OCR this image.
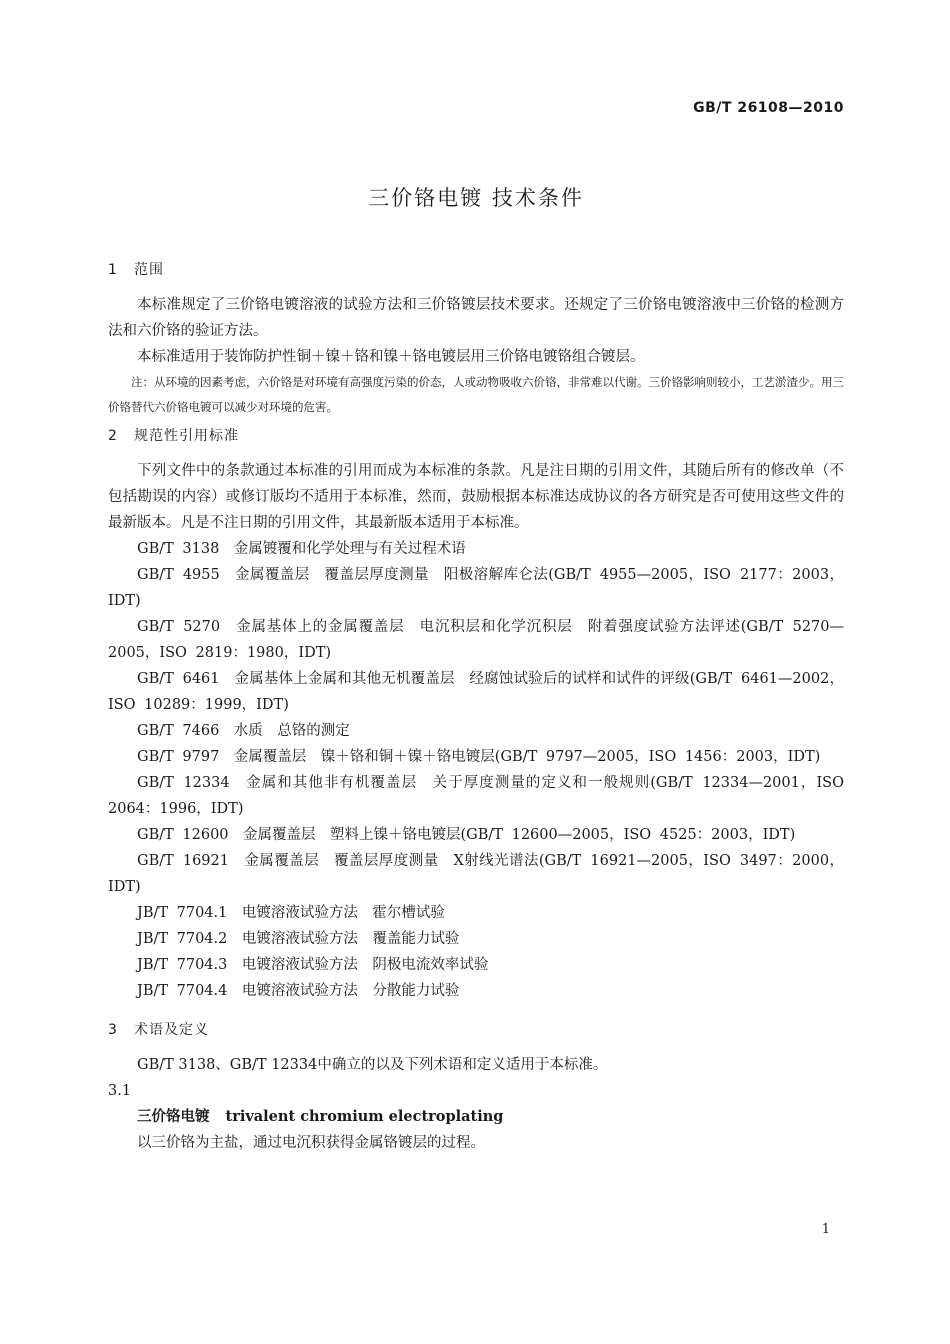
GB/T 26108—2010
三价铬电镀 技术条件
1 范围

本标准规定了三价铬电镀溶液的试验方法和三价铬镀层技术要求。还规定了三价铬电镀溶液中三价铬的检测方法和六价铬的验证方法。

本标准适用于装饰防护性铜＋镍＋铬和镍＋铬电镀层用三价铬电镀铬组合镀层。

注：从环境的因素考虑，六价铬是对环境有高强度污染的价态，人或动物吸收六价铬，非常难以代谢。三价铬影响则较小，工艺淤渣少。用三价铬替代六价铬电镀可以减少对环境的危害。

2 规范性引用标准

下列文件中的条款通过本标准的引用而成为本标准的条款。凡是注日期的引用文件，其随后所有的修改单（不包括勘误的内容）或修订版均不适用于本标准，然而，鼓励根据本标准达成协议的各方研究是否可使用这些文件的最新版本。凡是不注日期的引用文件，其最新版本适用于本标准。

GB/T 3138　金属镀覆和化学处理与有关过程术语

GB/T 4955　金属覆盖层　覆盖层厚度测量　阳极溶解库仑法(GB/T 4955—2005，ISO 2177：2003，IDT)

GB/T 5270　金属基体上的金属覆盖层　电沉积层和化学沉积层　附着强度试验方法评述(GB/T 5270—2005，ISO 2819：1980，IDT)

GB/T 6461　金属基体上金属和其他无机覆盖层　经腐蚀试验后的试样和试件的评级(GB/T 6461—2002，ISO 10289：1999，IDT)

GB/T 7466　水质　总铬的测定

GB/T 9797　金属覆盖层　镍＋铬和铜＋镍＋铬电镀层(GB/T 9797—2005，ISO 1456：2003，IDT)

GB/T 12334　金属和其他非有机覆盖层　关于厚度测量的定义和一般规则(GB/T 12334—2001，ISO 2064：1996，IDT)

GB/T 12600　金属覆盖层　塑料上镍＋铬电镀层(GB/T 12600—2005，ISO 4525：2003，IDT)

GB/T 16921　金属覆盖层　覆盖层厚度测量　X射线光谱法(GB/T 16921—2005，ISO 3497：2000，IDT)

JB/T 7704.1　电镀溶液试验方法　霍尔槽试验

JB/T 7704.2　电镀溶液试验方法　覆盖能力试验

JB/T 7704.3　电镀溶液试验方法　阴极电流效率试验

JB/T 7704.4　电镀溶液试验方法　分散能力试验

3 术语及定义

GB/T 3138、GB/T 12334中确立的以及下列术语和定义适用于本标准。

3.1

三价铬电镀 trivalent chromium electroplating

以三价铬为主盐，通过电沉积获得金属铬镀层的过程。

1
